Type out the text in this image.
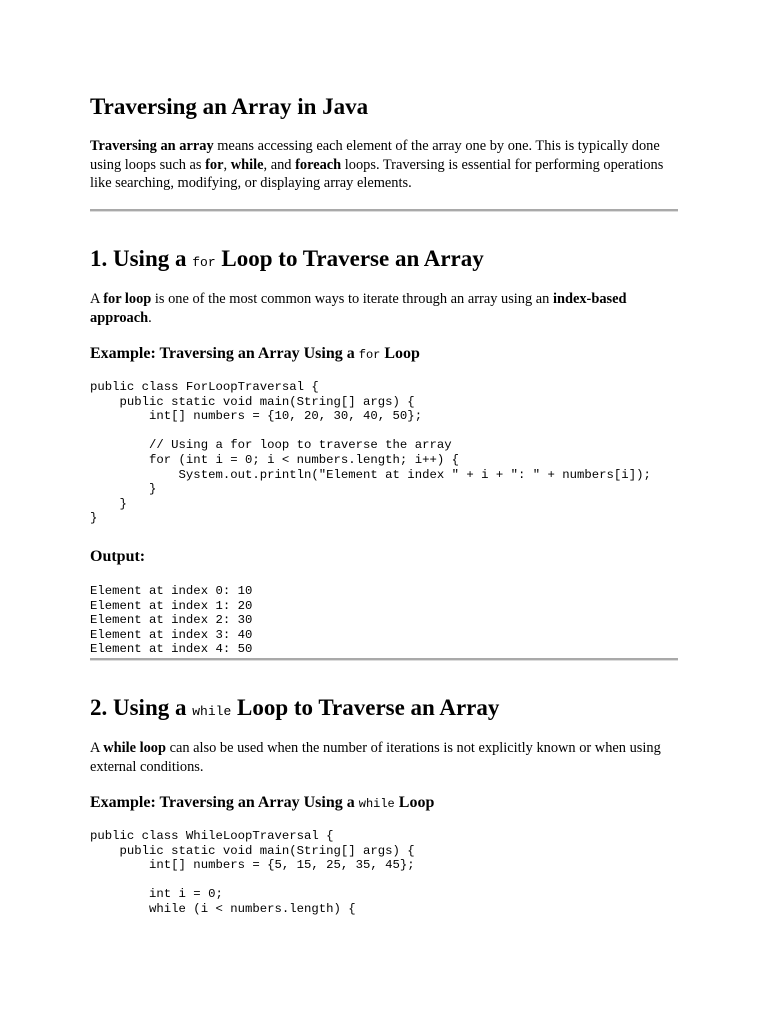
Traversing an Array in Java

Traversing an array means accessing each element of the array one by one. This is typically done using loops such as for, while, and foreach loops. Traversing is essential for performing operations like searching, modifying, or displaying array elements.

1. Using a for Loop to Traverse an Array

A for loop is one of the most common ways to iterate through an array using an index-based approach.

Example: Traversing an Array Using a for Loop
public class ForLoopTraversal {
public static void main(String[] args) {
int[] numbers = {10, 20, 30, 40, 50};

// Using a for loop to traverse the array
for (int i = 0; i < numbers.length; i++) {
System.out.println("Element at index " + i + ": " + numbers[i]);
}
}
}
Output:
Element at index 0: 10
Element at index 1: 20
Element at index 2: 30
Element at index 3: 40
Element at index 4: 50
2. Using a while Loop to Traverse an Array

A while loop can also be used when the number of iterations is not explicitly known or when using external conditions.

Example: Traversing an Array Using a while Loop
public class WhileLoopTraversal {
public static void main(String[] args) {
int[] numbers = {5, 15, 25, 35, 45};

int i = 0;
while (i < numbers.length) {
